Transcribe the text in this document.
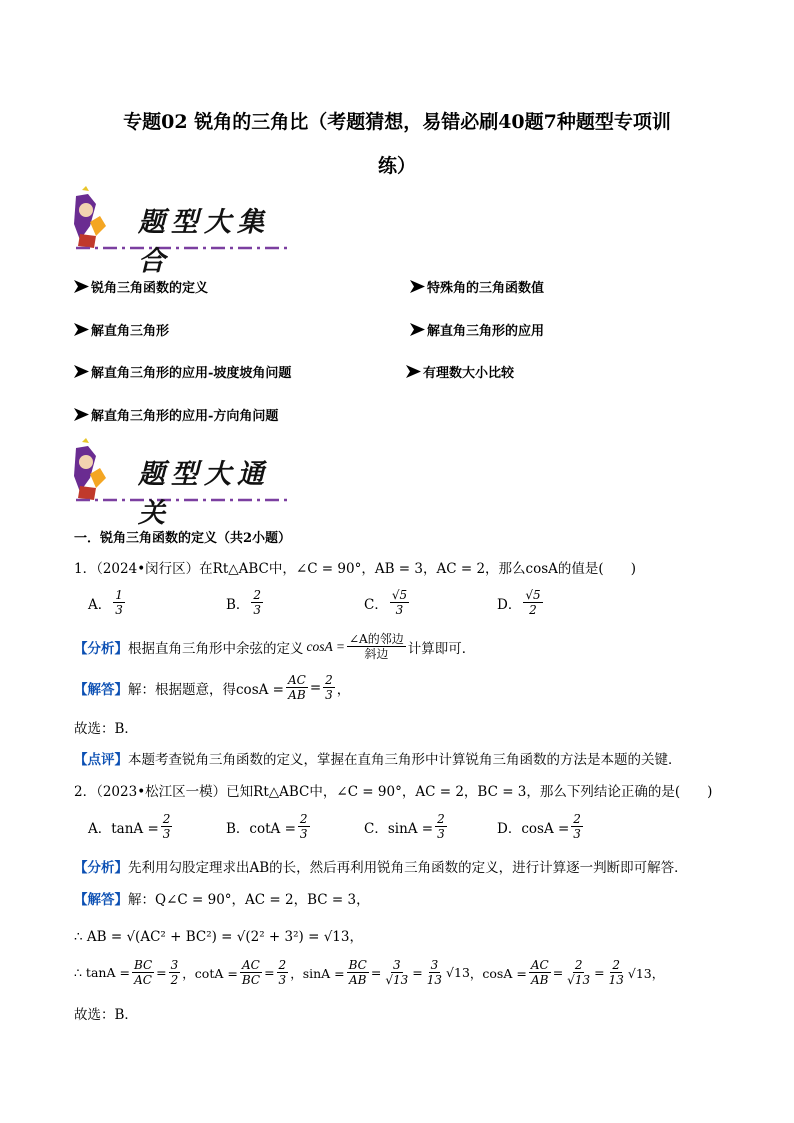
专题02 锐角的三角比（考题猜想，易错必刷40题7种题型专项训
练）
题型大集合
锐角三角函数的定义	特殊角的三角函数值
解直角三角形	解直角三角形的应用
解直角三角形的应用-坡度坡角问题	有理数大小比较
解直角三角形的应用-方向角问题
题型大通关
一．锐角三角函数的定义（共2小题）
1．（2024•闵行区）在Rt△ABC中，∠C = 90°，AB = 3，AC = 2，那么cosA的值是(　　)
A． $\frac{1}{3}$	B． $\frac{2}{3}$	C． $\frac{√5}{3}$	D． $\frac{√5}{2}$
【分析】 根据直角三角形中余弦的定义 $\cos A = \frac{\text{∠A的邻边}}{\text{斜边}}$ 计算即可．
【解答】 解：根据题意，得$\cos A = \frac{AC}{AB} = \frac{2}{3}$ ，
故选：B．
【点评】本题考查锐角三角函数的定义，掌握在直角三角形中计算锐角三角函数的方法是本题的关键．
2．（2023•松江区一模）已知Rt△ABC中，∠C = 90°，AC = 2，BC = 3，那么下列结论正确的是(　　)
A．$\tan A = \frac{2}{3}$	B．$\cot A = \frac{2}{3}$	C．$\sin A = \frac{2}{3}$	D．$\cos A = \frac{2}{3}$
【分析】先利用勾股定理求出AB的长，然后再利用锐角三角函数的定义，进行计算逐一判断即可解答．
【解答】解：Q∠C = 90°，AC = 2，BC = 3，
∴ AB = √(AC² + BC²) = √(2² + 3²) = √13，
∴ $\tan A = \frac{BC}{AC} = \frac{3}{2}$ ，$\cot A = \frac{AC}{BC} = \frac{2}{3}$ ，$\sin A = \frac{BC}{AB} = \frac{3}{√13} = \frac{3}{13} √13$ ，$\cos A = \frac{AC}{AB} = \frac{2}{√13} = \frac{2}{13} √13$，
故选：B．
